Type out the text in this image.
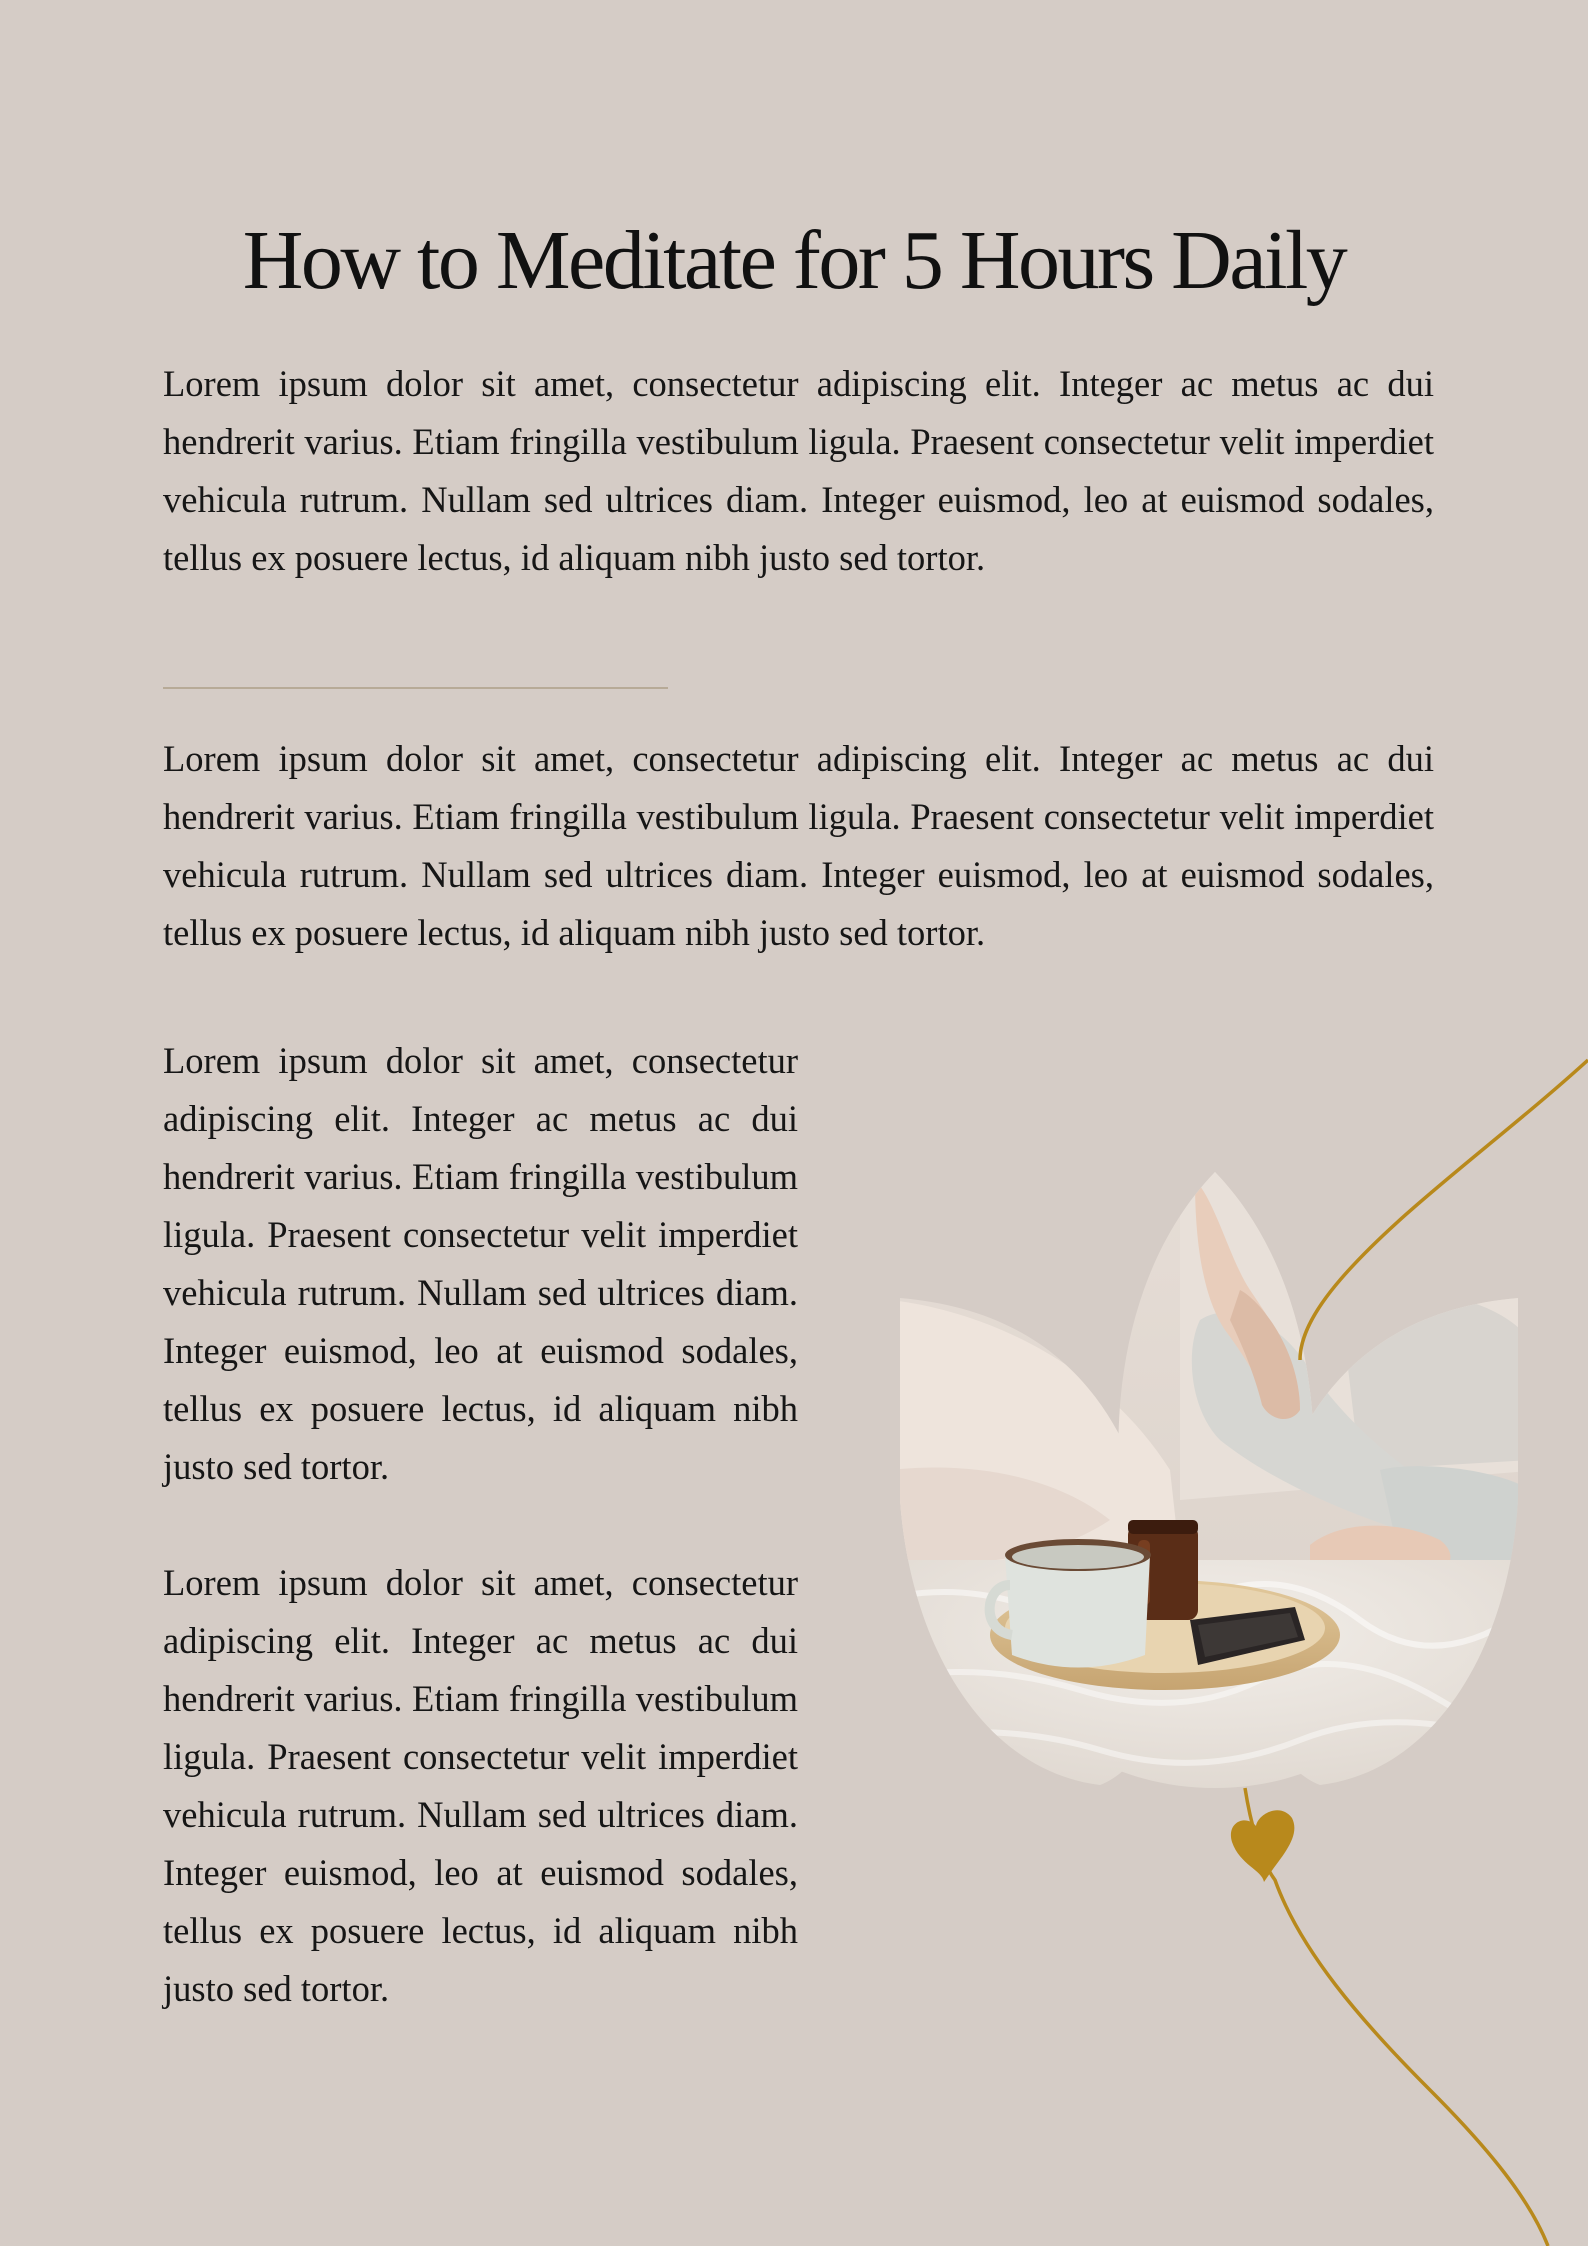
How to Meditate for 5 Hours Daily

Lorem ipsum dolor sit amet, consectetur adipiscing elit. Integer ac metus ac dui hendrerit varius. Etiam fringilla vestibulum ligula. Praesent consectetur velit imperdiet vehicula rutrum. Nullam sed ultrices diam. Integer euismod, leo at euismod sodales, tellus ex posuere lectus, id aliquam nibh justo sed tortor.

Lorem ipsum dolor sit amet, consectetur adipiscing elit. Integer ac metus ac dui hendrerit varius. Etiam fringilla vestibulum ligula. Praesent consectetur velit imperdiet vehicula rutrum. Nullam sed ultrices diam. Integer euismod, leo at euismod sodales, tellus ex posuere lectus, id aliquam nibh justo sed tortor.

Lorem ipsum dolor sit amet, consectetur adipiscing elit. Integer ac metus ac dui hendrerit varius. Etiam fringilla vestibulum ligula. Praesent consectetur velit imperdiet vehicula rutrum. Nullam sed ultrices diam. Integer euismod, leo at euismod sodales, tellus ex posuere lectus, id aliquam nibh justo sed tortor.

Lorem ipsum dolor sit amet, consectetur adipiscing elit. Integer ac metus ac dui hendrerit varius. Etiam fringilla vestibulum ligula. Praesent consectetur velit imperdiet vehicula rutrum. Nullam sed ultrices diam. Integer euismod, leo at euismod sodales, tellus ex posuere lectus, id aliquam nibh justo sed tortor.
